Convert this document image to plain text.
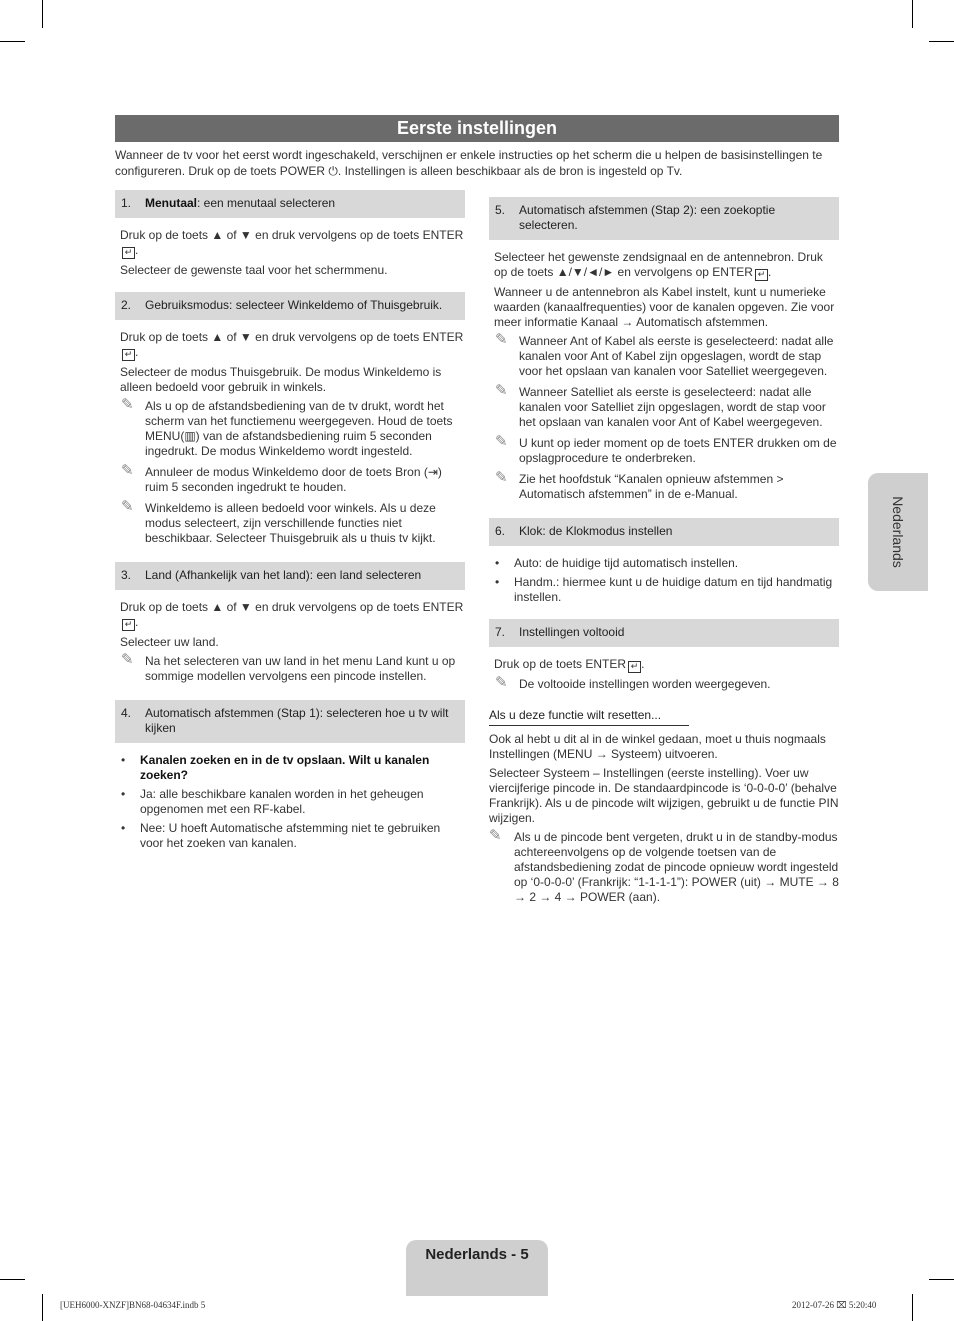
Eerste instellingen
Wanneer de tv voor het eerst wordt ingeschakeld, verschijnen er enkele instructies op het scherm die u helpen de basisinstellingen te configureren. Druk op de toets POWER ⏻. Instellingen is alleen beschikbaar als de bron is ingesteld op Tv.
1. Menutaal: een menutaal selecteren

Druk op de toets ▲ of ▼ en druk vervolgens op de toets ENTER↵ .

Selecteer de gewenste taal voor het schermmenu.

2. Gebruiksmodus: selecteer Winkeldemo of Thuisgebruik.

Druk op de toets ▲ of ▼ en druk vervolgens op de toets ENTER↵ .

Selecteer de modus Thuisgebruik. De modus Winkeldemo is alleen bedoeld voor gebruik in winkels.

✎ Als u op de afstandsbediening van de tv drukt, wordt het scherm van het functiemenu weergegeven. Houd de toets MENU(▥) van de afstandsbediening ruim 5 seconden ingedrukt. De modus Winkeldemo wordt ingesteld.
✎ Annuleer de modus Winkeldemo door de toets Bron (⇥) ruim 5 seconden ingedrukt te houden.
✎ Winkeldemo is alleen bedoeld voor winkels. Als u deze modus selecteert, zijn verschillende functies niet beschikbaar. Selecteer Thuisgebruik als u thuis tv kijkt.
3. Land (Afhankelijk van het land): een land selecteren

Druk op de toets ▲ of ▼ en druk vervolgens op de toets ENTER↵ .

Selecteer uw land.

✎ Na het selecteren van uw land in het menu Land kunt u op sommige modellen vervolgens een pincode instellen.
4. Automatisch afstemmen (Stap 1): selecteren hoe u tv wilt kijken
• Kanalen zoeken en in de tv opslaan. Wilt u kanalen zoeken?
• Ja: alle beschikbare kanalen worden in het geheugen opgenomen met een RF-kabel.
• Nee: U hoeft Automatische afstemming niet te gebruiken voor het zoeken van kanalen.
5. Automatisch afstemmen (Stap 2): een zoekoptie selecteren.

Selecteer het gewenste zendsignaal en de antennebron. Druk op de toets ▲/▼/◄/► en vervolgens op ENTER ↵ .

Wanneer u de antennebron als Kabel instelt, kunt u numerieke waarden (kanaalfrequenties) voor de kanalen opgeven. Zie voor meer informatie Kanaal → Automatisch afstemmen.

✎ Wanneer Ant of Kabel als eerste is geselecteerd: nadat alle kanalen voor Ant of Kabel zijn opgeslagen, wordt de stap voor het opslaan van kanalen voor Satelliet weergegeven.
✎ Wanneer Satelliet als eerste is geselecteerd: nadat alle kanalen voor Satelliet zijn opgeslagen, wordt de stap voor het opslaan van kanalen voor Ant of Kabel weergegeven.
✎ U kunt op ieder moment op de toets ENTER drukken om de opslagprocedure te onderbreken.
✎ Zie het hoofdstuk “Kanalen opnieuw afstemmen > Automatisch afstemmen” in de e-Manual.
6. Klok: de Klokmodus instellen
• Auto: de huidige tijd automatisch instellen.
• Handm.: hiermee kunt u de huidige datum en tijd handmatig instellen.
7. Instellingen voltooid

Druk op de toets ENTER ↵ .

✎ De voltooide instellingen worden weergegeven.
Als u deze functie wilt resetten...

Ook al hebt u dit al in de winkel gedaan, moet u thuis nogmaals Instellingen (MENU → Systeem) uitvoeren.

Selecteer Systeem – Instellingen (eerste instelling). Voer uw viercijferige pincode in. De standaardpincode is ‘0-0-0-0’ (behalve Frankrijk). Als u de pincode wilt wijzigen, gebruikt u de functie PIN wijzigen.

✎ Als u de pincode bent vergeten, drukt u in de standby-modus achtereenvolgens op de volgende toetsen van de afstandsbediening zodat de pincode opnieuw wordt ingesteld op ‘0-0-0-0’ (Frankrijk: “1-1-1-1”): POWER (uit) → MUTE → 8 → 2 → 4 → POWER (aan).
Nederlands
Nederlands - 5
[UEH6000-XNZF]BN68-04634F.indb 5	2012-07-26 ⌧ 5:20:40
